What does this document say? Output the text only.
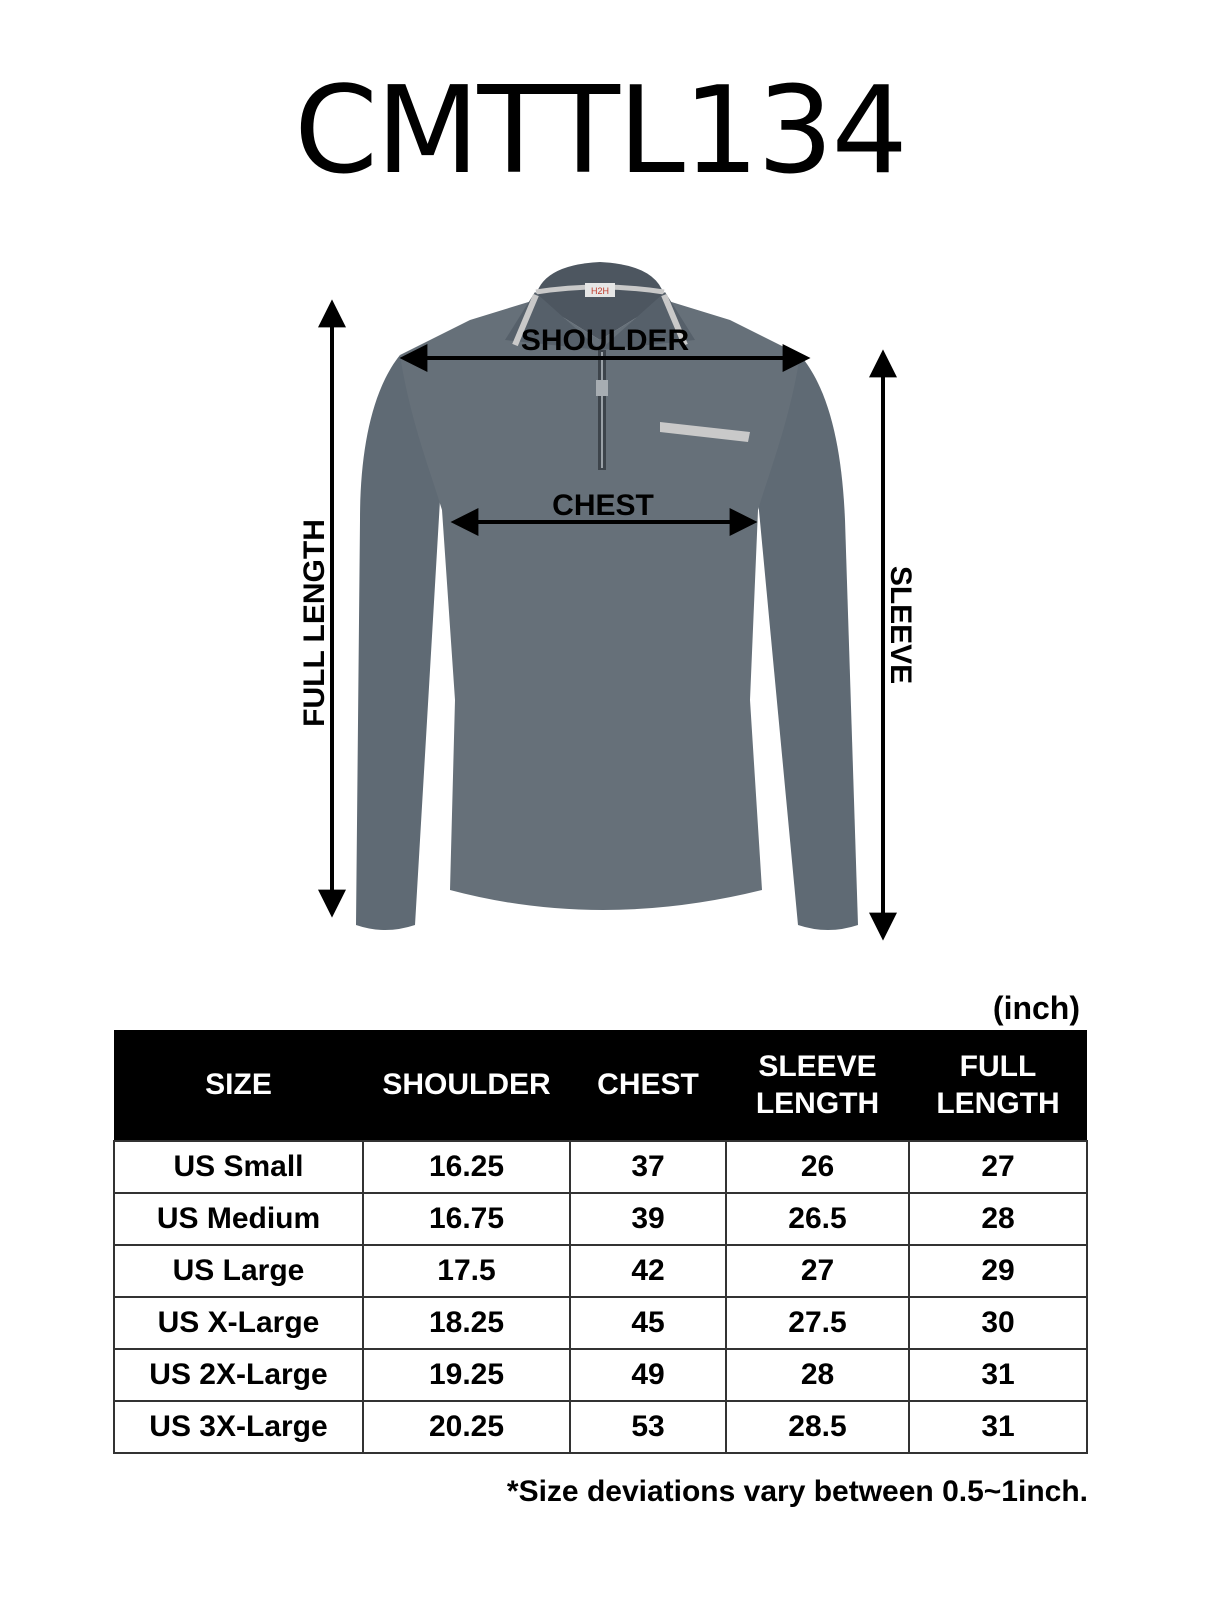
CMTTL134
H2H
SHOULDER
CHEST
FULL LENGTH	SLEEVE
(inch)
SIZE	SHOULDER	CHEST	SLEEVE LENGTH	FULL LENGTH
US Small	16.25	37	26	27
US Medium	16.75	39	26.5	28
US Large	17.5	42	27	29
US X-Large	18.25	45	27.5	30
US 2X-Large	19.25	49	28	31
US 3X-Large	20.25	53	28.5	31
*Size deviations vary between 0.5~1inch.
